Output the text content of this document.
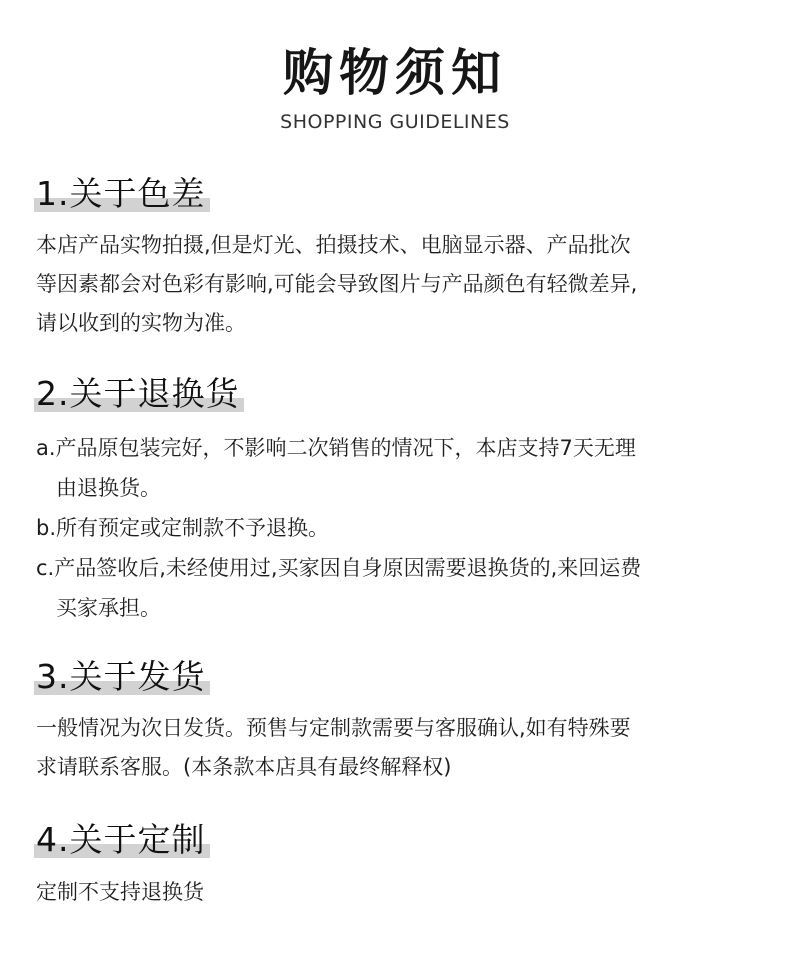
购物须知
SHOPPING GUIDELINES
1.关于色差
本店产品实物拍摄,但是灯光、拍摄技术、电脑显示器、产品批次
等因素都会对色彩有影响,可能会导致图片与产品颜色有轻微差异,
请以收到的实物为准。
2.关于退换货
a.产品原包装完好，不影响二次销售的情况下，本店支持7天无理
由退换货。
b.所有预定或定制款不予退换。
c.产品签收后,未经使用过,买家因自身原因需要退换货的,来回运费
买家承担。
3.关于发货
一般情况为次日发货。预售与定制款需要与客服确认,如有特殊要
求请联系客服。(本条款本店具有最终解释权)
4.关于定制
定制不支持退换货
